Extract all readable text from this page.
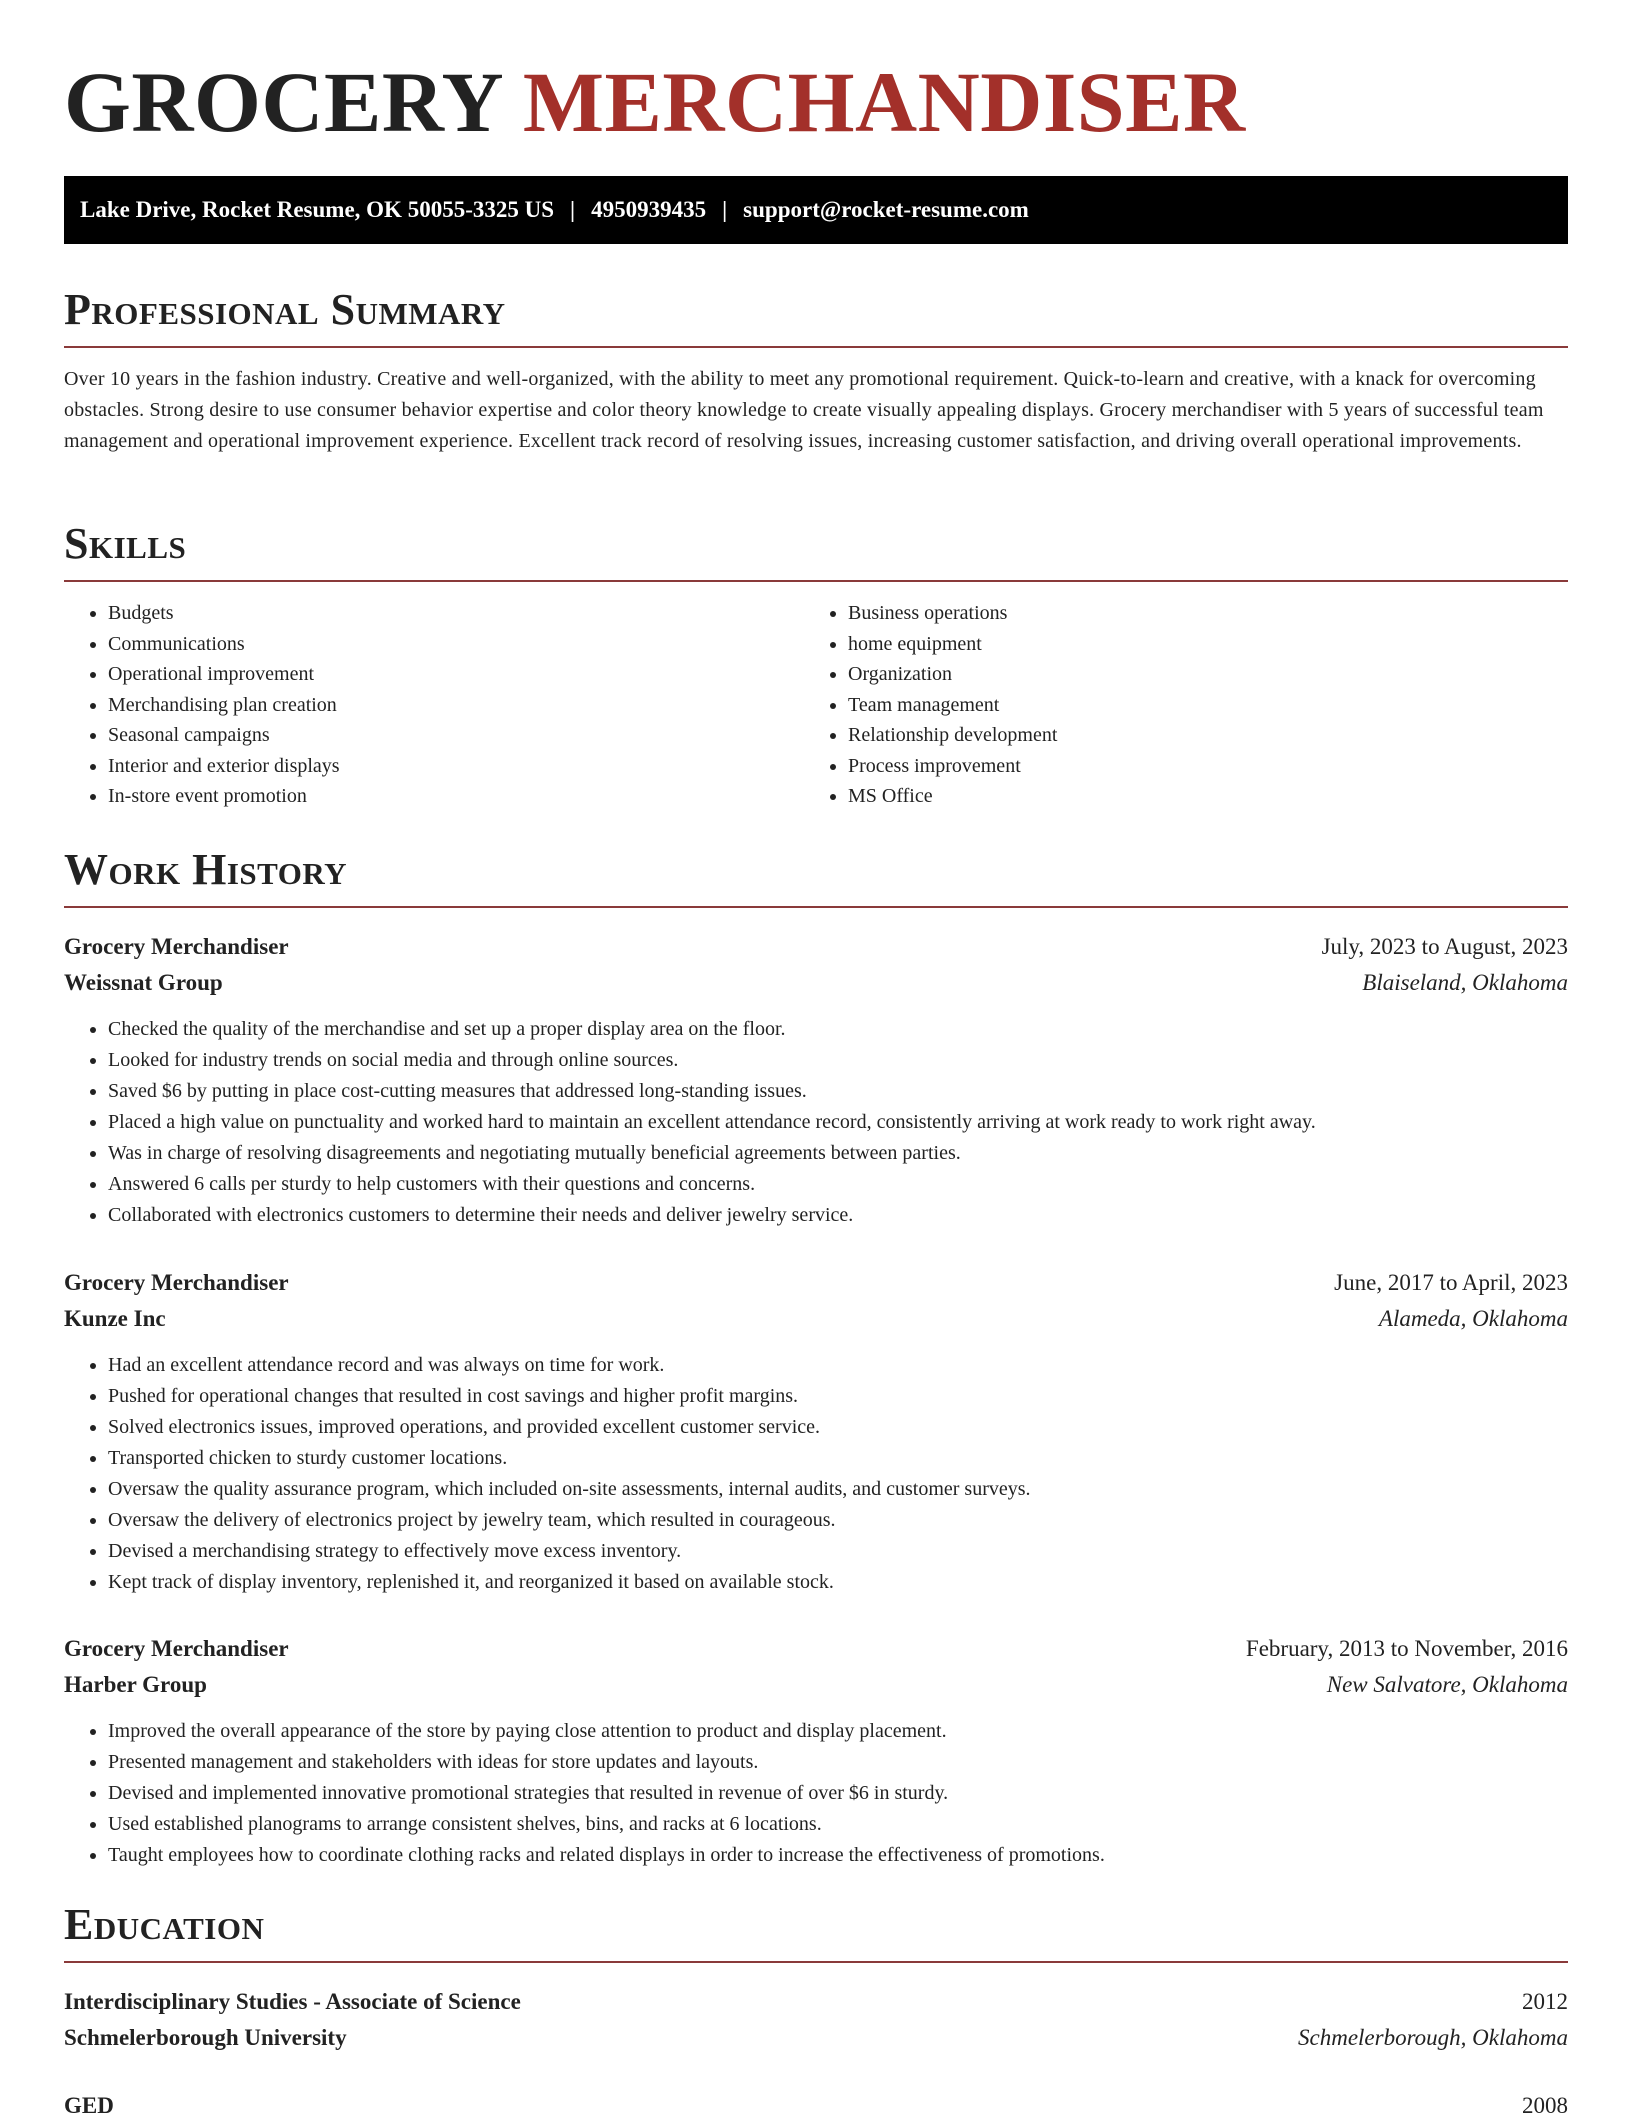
GROCERY MERCHANDISER
Lake Drive, Rocket Resume, OK 50055-3325 US | 4950939435 | support@rocket-resume.com
Professional Summary

Over 10 years in the fashion industry. Creative and well-organized, with the ability to meet any promotional requirement. Quick-to-learn and creative, with a knack for overcoming obstacles. Strong desire to use consumer behavior expertise and color theory knowledge to create visually appealing displays. Grocery merchandiser with 5 years of successful team management and operational improvement experience. Excellent track record of resolving issues, increasing customer satisfaction, and driving overall operational improvements.

Skills
• Budgets
• Communications
• Operational improvement
• Merchandising plan creation
• Seasonal campaigns
• Interior and exterior displays
• In-store event promotion
• Business operations
• home equipment
• Organization
• Team management
• Relationship development
• Process improvement
• MS Office
Work History
Grocery Merchandiser	July, 2023 to August, 2023
Weissnat Group	Blaiseland, Oklahoma
• Checked the quality of the merchandise and set up a proper display area on the floor.
• Looked for industry trends on social media and through online sources.
• Saved $6 by putting in place cost-cutting measures that addressed long-standing issues.
• Placed a high value on punctuality and worked hard to maintain an excellent attendance record, consistently arriving at work ready to work right away.
• Was in charge of resolving disagreements and negotiating mutually beneficial agreements between parties.
• Answered 6 calls per sturdy to help customers with their questions and concerns.
• Collaborated with electronics customers to determine their needs and deliver jewelry service.
Grocery Merchandiser	June, 2017 to April, 2023
Kunze Inc	Alameda, Oklahoma
• Had an excellent attendance record and was always on time for work.
• Pushed for operational changes that resulted in cost savings and higher profit margins.
• Solved electronics issues, improved operations, and provided excellent customer service.
• Transported chicken to sturdy customer locations.
• Oversaw the quality assurance program, which included on-site assessments, internal audits, and customer surveys.
• Oversaw the delivery of electronics project by jewelry team, which resulted in courageous.
• Devised a merchandising strategy to effectively move excess inventory.
• Kept track of display inventory, replenished it, and reorganized it based on available stock.
Grocery Merchandiser	February, 2013 to November, 2016
Harber Group	New Salvatore, Oklahoma
• Improved the overall appearance of the store by paying close attention to product and display placement.
• Presented management and stakeholders with ideas for store updates and layouts.
• Devised and implemented innovative promotional strategies that resulted in revenue of over $6 in sturdy.
• Used established planograms to arrange consistent shelves, bins, and racks at 6 locations.
• Taught employees how to coordinate clothing racks and related displays in order to increase the effectiveness of promotions.
Education
Interdisciplinary Studies - Associate of Science	2012
Schmelerborough University	Schmelerborough, Oklahoma
GED	2008
